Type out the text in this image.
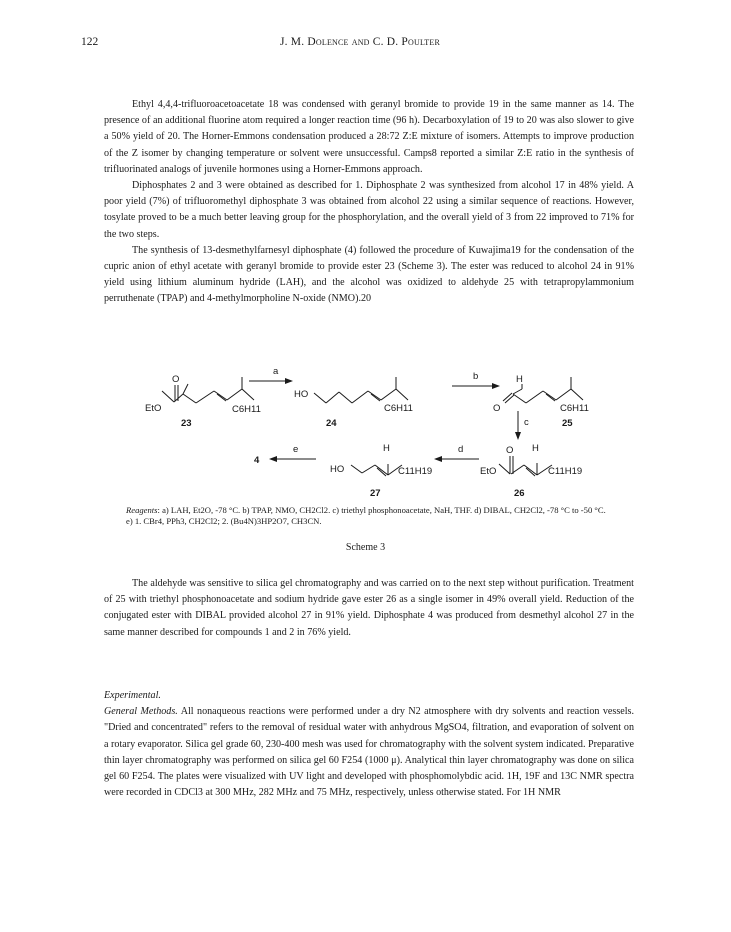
122	J. M. Dolence and C. D. Poulter

Ethyl 4,4,4-trifluoroacetoacetate 18 was condensed with geranyl bromide to provide 19 in the same manner as 14. The presence of an additional fluorine atom required a longer reaction time (96 h). Decarboxylation of 19 to 20 was also slower to give a 50% yield of 20. The Horner-Emmons condensation produced a 28:72 Z:E mixture of isomers. Attempts to improve production of the Z isomer by changing temperature or solvent were unsuccessful. Camps8 reported a similar Z:E ratio in the synthesis of trifluorinated analogs of juvenile hormones using a Horner-Emmons approach.

Diphosphates 2 and 3 were obtained as described for 1. Diphosphate 2 was synthesized from alcohol 17 in 48% yield. A poor yield (7%) of trifluoromethyl diphosphate 3 was obtained from alcohol 22 using a similar sequence of reactions. However, tosylate proved to be a much better leaving group for the phosphorylation, and the overall yield of 3 from 22 improved to 71% for the two steps.

The synthesis of 13-desmethylfarnesyl diphosphate (4) followed the procedure of Kuwajima19 for the condensation of the cupric anion of ethyl acetate with geranyl bromide to provide ester 23 (Scheme 3). The ester was reduced to alcohol 24 in 91% yield using lithium aluminum hydride (LAH), and the alcohol was oxidized to aldehyde 25 with tetrapropylammonium perruthenate (TPAP) and 4-methylmorpholine N-oxide (NMO).20

EtO
O
C6H11
23
HO
C6H11
24
H
O	C6H11
25
EtO
O H
C11H19
26
HO
H
C11H19
27
4
a	b
c
d
e
Reagents: a) LAH, Et2O, -78 °C. b) TPAP, NMO, CH2Cl2. c) triethyl phosphonoacetate, NaH, THF. d) DIBAL, CH2Cl2, -78 °C to -50 °C. e) 1. CBr4, PPh3, CH2Cl2; 2. (Bu4N)3HP2O7, CH3CN.
Scheme 3

The aldehyde was sensitive to silica gel chromatography and was carried on to the next step without purification. Treatment of 25 with triethyl phosphonoacetate and sodium hydride gave ester 26 as a single isomer in 49% overall yield. Reduction of the conjugated ester with DIBAL provided alcohol 27 in 91% yield. Diphosphate 4 was produced from desmethyl alcohol 27 in the same manner described for compounds 1 and 2 in 76% yield.

Experimental.

General Methods. All nonaqueous reactions were performed under a dry N2 atmosphere with dry solvents and reaction vessels. "Dried and concentrated" refers to the removal of residual water with anhydrous MgSO4, filtration, and evaporation of solvent on a rotary evaporator. Silica gel grade 60, 230-400 mesh was used for chromatography with the solvent system indicated. Preparative thin layer chromatography was performed on silica gel 60 F254 (1000 μ). Analytical thin layer chromatography was done on silica gel 60 F254. The plates were visualized with UV light and developed with phosphomolybdic acid. 1H, 19F and 13C NMR spectra were recorded in CDCl3 at 300 MHz, 282 MHz and 75 MHz, respectively, unless otherwise stated. For 1H NMR
